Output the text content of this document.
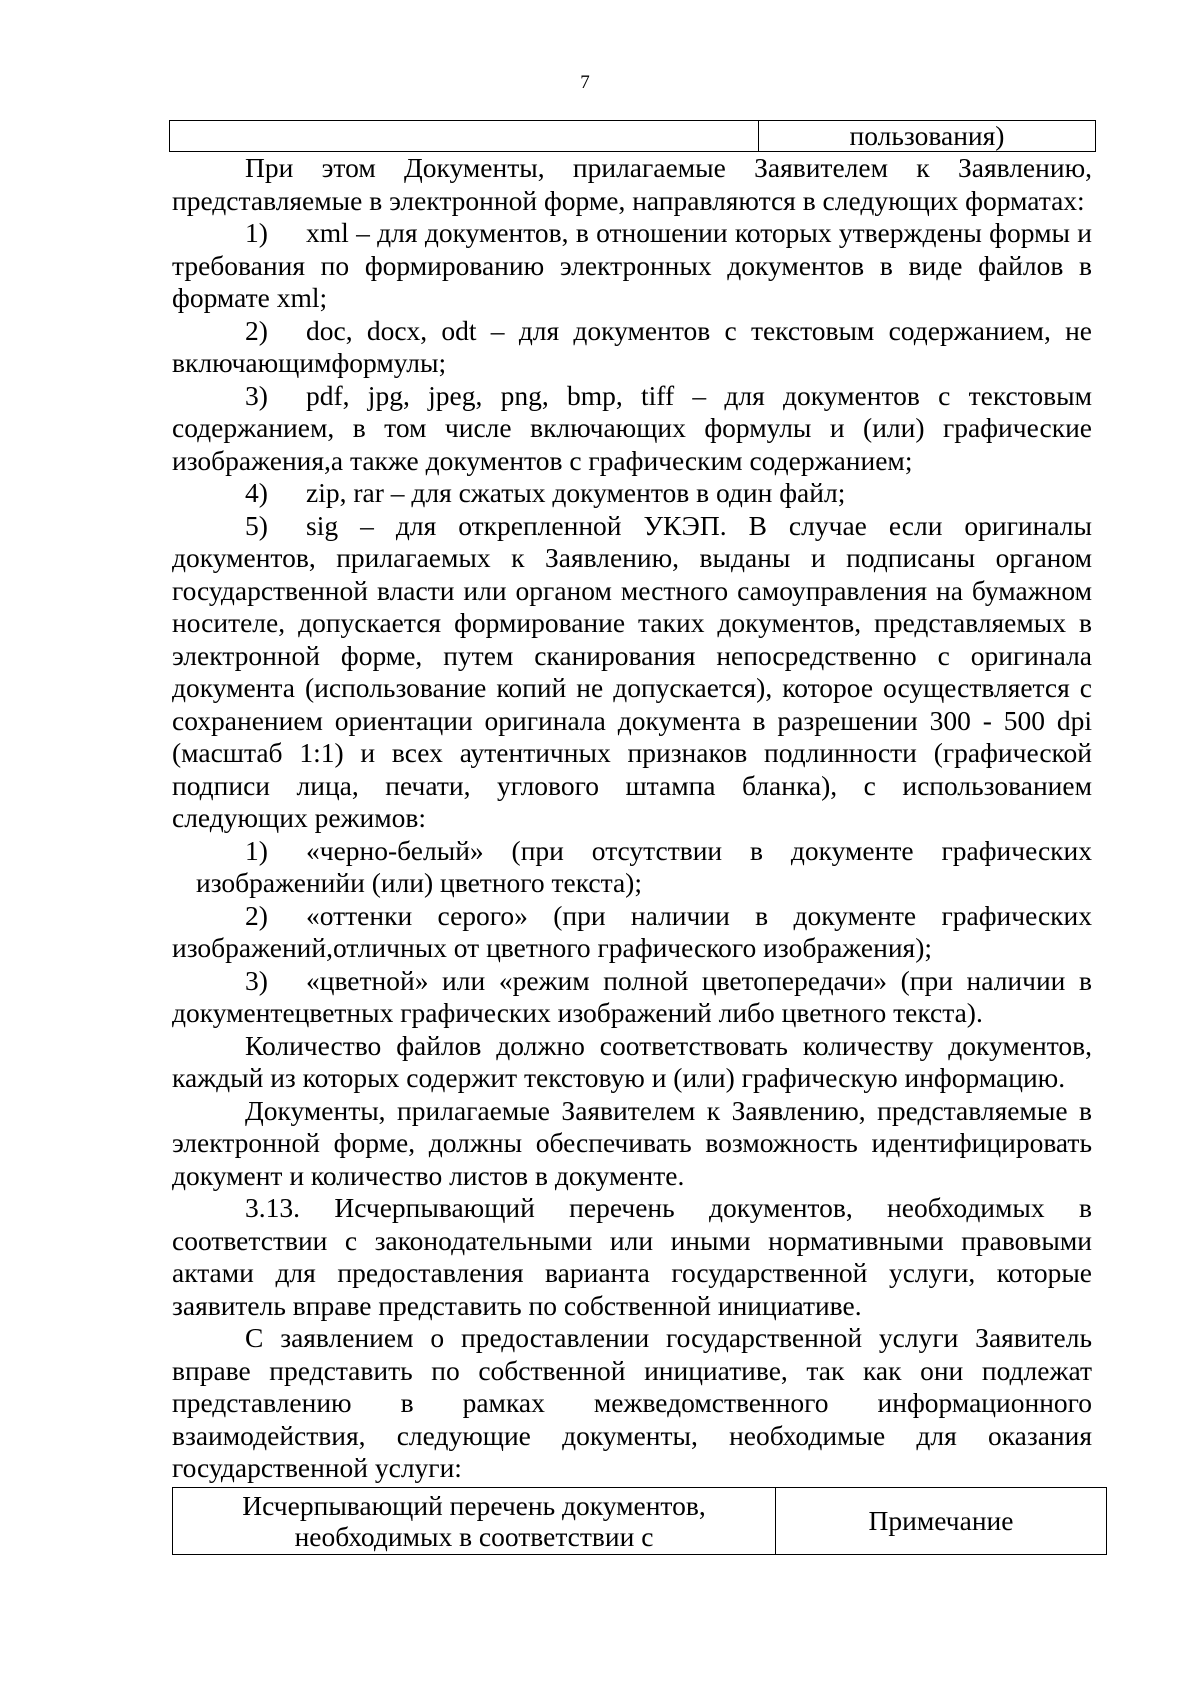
7
	пользования)

При этом Документы, прилагаемые Заявителем к Заявлению, представляемые в электронной форме, направляются в следующих форматах:

1) xml – для документов, в отношении которых утверждены формы и требования по формированию электронных документов в виде файлов в формате xml;

2) doc, docx, odt – для документов с текстовым содержанием, не включающимформулы;

3) pdf, jpg, jpeg, png, bmp, tiff – для документов с текстовым содержанием, в том числе включающих формулы и (или) графические изображения,а также документов с графическим содержанием;

4) zip, rar – для сжатых документов в один файл;

5) sig – для открепленной УКЭП. В случае если оригиналы документов, прилагаемых к Заявлению, выданы и подписаны органом государственной власти или органом местного самоуправления на бумажном носителе, допускается формирование таких документов, представляемых в электронной форме, путем сканирования непосредственно с оригинала документа (использование копий не допускается), которое осуществляется с сохранением ориентации оригинала документа в разрешении 300 - 500 dpi (масштаб 1:1) и всех аутентичных признаков подлинности (графической подписи лица, печати, углового штампа бланка), с использованием следующих режимов:

1) «черно-белый» (при отсутствии в документе графических изображенийи (или) цветного текста);

2) «оттенки серого» (при наличии в документе графических изображений,отличных от цветного графического изображения);

3) «цветной» или «режим полной цветопередачи» (при наличии в документецветных графических изображений либо цветного текста).

Количество файлов должно соответствовать количеству документов, каждый из которых содержит текстовую и (или) графическую информацию.

Документы, прилагаемые Заявителем к Заявлению, представляемые в электронной форме, должны обеспечивать возможность идентифицировать документ и количество листов в документе.

3.13. Исчерпывающий перечень документов, необходимых в соответствии с законодательными или иными нормативными правовыми актами для предоставления варианта государственной услуги, которые заявитель вправе представить по собственной инициативе.

С заявлением о предоставлении государственной услуги Заявитель вправе представить по собственной инициативе, так как они подлежат представлению в рамках межведомственного информационного взаимодействия, следующие документы, необходимые для оказания государственной услуги:

Исчерпывающий перечень документов, необходимых в соответствии с	Примечание
